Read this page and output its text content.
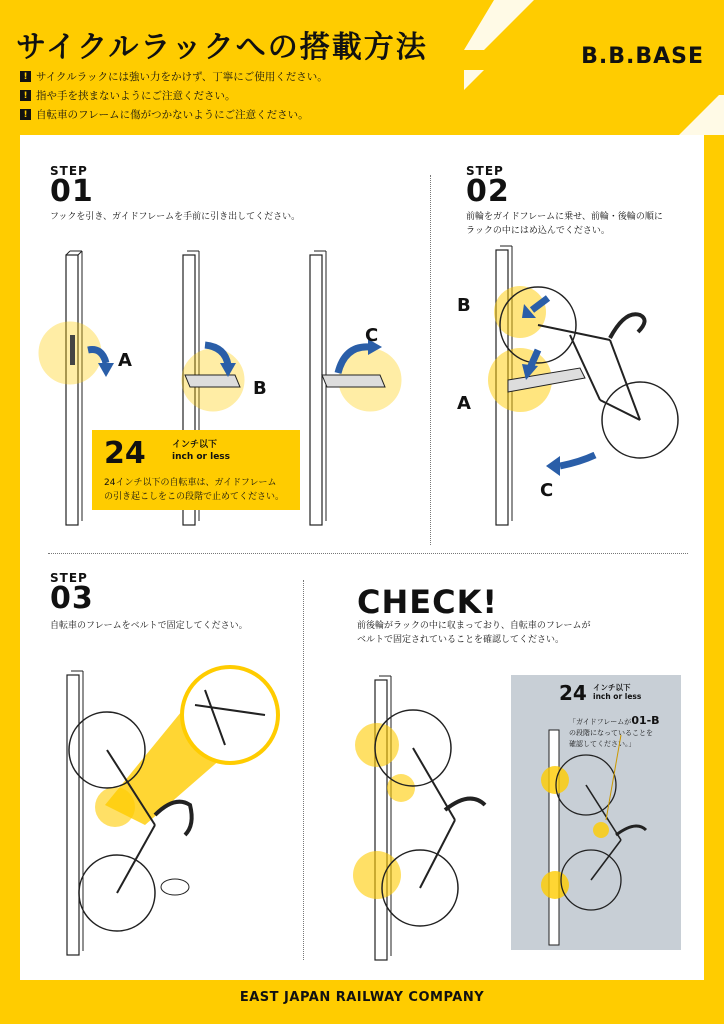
サイクルラックへの搭載方法
! サイクルラックには強い力をかけず、丁寧にご使用ください。
! 指や手を挟まないようにご注意ください。
! 自転車のフレームに傷がつかないようにご注意ください。
B.B.BASE
STEP
01
フックを引き、ガイドフレームを手前に引き出してください。
A
B
C
24	インチ以下
inch or less
24インチ以下の自転車は、ガイドフレーム
の引き起こしをこの段階で止めてください。
STEP
02
前輪をガイドフレームに乗せ、前輪・後輪の順に
ラックの中にはめ込んでください。
B
A
C
STEP
03
自転車のフレームをベルトで固定してください。
CHECK!
前後輪がラックの中に収まっており、自転車のフレームが
ベルトで固定されていることを確認してください。
24 インチ以下
inch or less
「ガイドフレームが01-B
の段階になっていることを
確認してください。」
EAST JAPAN RAILWAY COMPANY
